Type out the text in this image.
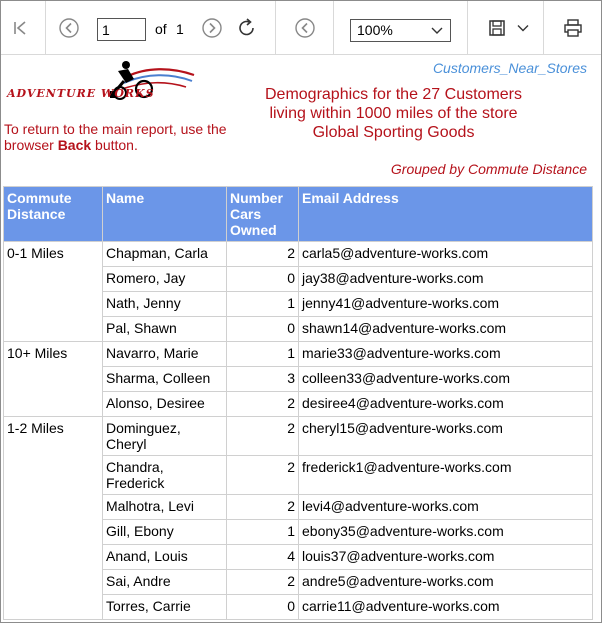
1
of 1	100%
ADVENTURE WORKS
Customers_Near_Stores
Demographics for the 27 Customers
living within 1000 miles of the store
Global Sporting Goods
To return to the main report, use the browser Back button.
Grouped by Commute Distance
Commute Distance	Name	Number Cars Owned	Email Address
0-1 Miles	Chapman, Carla	2	carla5@adventure-works.com
	Romero, Jay	0	jay38@adventure-works.com
	Nath, Jenny	1	jenny41@adventure-works.com
	Pal, Shawn	0	shawn14@adventure-works.com
10+ Miles	Navarro, Marie	1	marie33@adventure-works.com
	Sharma, Colleen	3	colleen33@adventure-works.com
	Alonso, Desiree	2	desiree4@adventure-works.com
1-2 Miles	Dominguez, Cheryl	2	cheryl15@adventure-works.com
	Chandra, Frederick	2	frederick1@adventure-works.com
	Malhotra, Levi	2	levi4@adventure-works.com
	Gill, Ebony	1	ebony35@adventure-works.com
	Anand, Louis	4	louis37@adventure-works.com
	Sai, Andre	2	andre5@adventure-works.com
	Torres, Carrie	0	carrie11@adventure-works.com
